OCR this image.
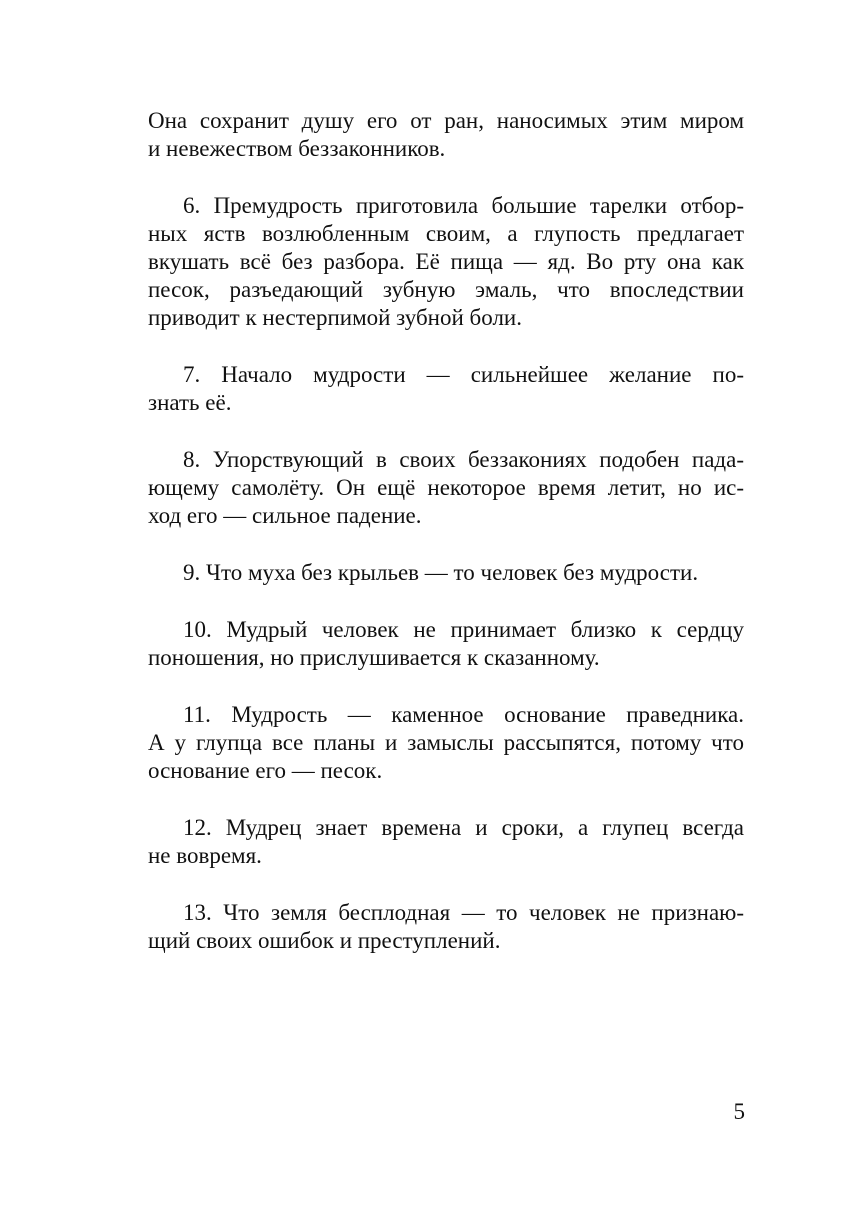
Она сохранит душу его от ран, наносимых этим миром
и невежеством беззаконников.

6. Премудрость приготовила большие тарелки отбор-
ных яств возлюбленным своим, а глупость предлагает
вкушать всё без разбора. Её пища — яд. Во рту она как
песок, разъедающий зубную эмаль, что впоследствии
приводит к нестерпимой зубной боли.

7. Начало мудрости — сильнейшее желание по-
знать её.

8. Упорствующий в своих беззакониях подобен пада-
ющему самолёту. Он ещё некоторое время летит, но ис-
ход его — сильное падение.

9. Что муха без крыльев — то человек без мудрости.

10. Мудрый человек не принимает близко к сердцу
поношения, но прислушивается к сказанному.

11. Мудрость — каменное основание праведника.
А у глупца все планы и замыслы рассыпятся, потому что
основание его — песок.

12. Мудрец знает времена и сроки, а глупец всегда
не вовремя.

13. Что земля бесплодная — то человек не признаю-
щий своих ошибок и преступлений.

5
